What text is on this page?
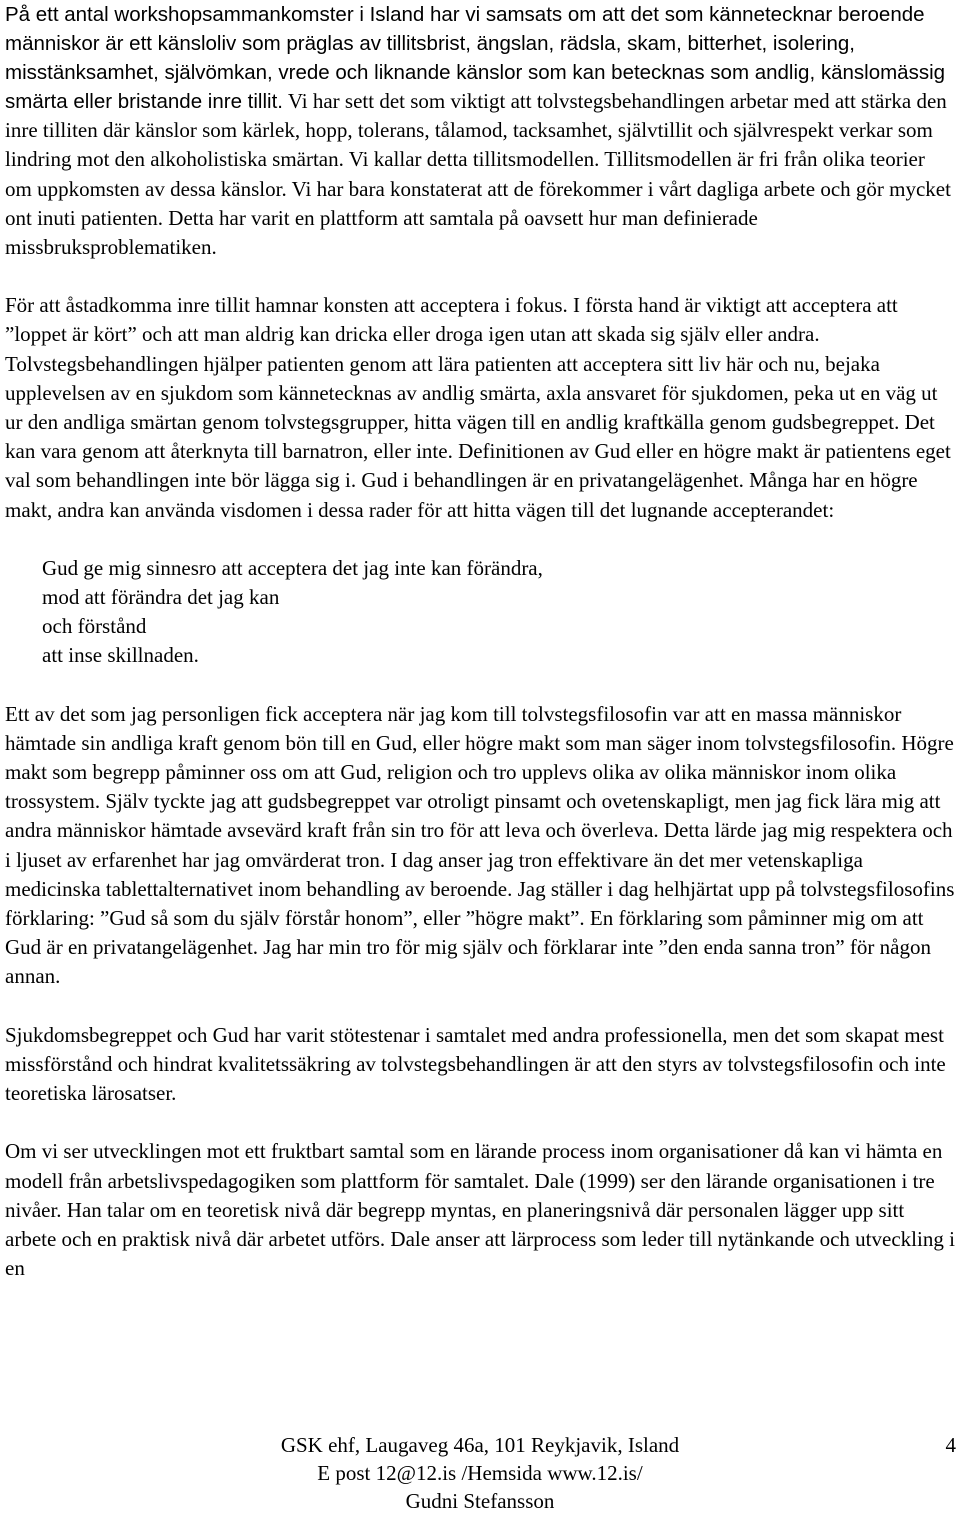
På ett antal workshopsammankomster i Island har vi samsats om att det som kännetecknar beroende människor är ett känsloliv som präglas av tillitsbrist, ängslan, rädsla, skam, bitterhet, isolering, misstänksamhet, självömkan, vrede och liknande känslor som kan betecknas som andlig, känslomässig smärta eller bristande inre tillit. Vi har sett det som viktigt att tolvstegsbehandlingen arbetar med att stärka den inre tilliten där känslor som kärlek, hopp, tolerans, tålamod, tacksamhet, självtillit och självrespekt verkar som lindring mot den alkoholistiska smärtan. Vi kallar detta tillitsmodellen. Tillitsmodellen är fri från olika teorier om uppkomsten av dessa känslor. Vi har bara konstaterat att de förekommer i vårt dagliga arbete och gör mycket ont inuti patienten. Detta har varit en plattform att samtala på oavsett hur man definierade missbruksproblematiken.

För att åstadkomma inre tillit hamnar konsten att acceptera i fokus. I första hand är viktigt att acceptera att ”loppet är kört” och att man aldrig kan dricka eller droga igen utan att skada sig själv eller andra. Tolvstegsbehandlingen hjälper patienten genom att lära patienten att acceptera sitt liv här och nu, bejaka upplevelsen av en sjukdom som kännetecknas av andlig smärta, axla ansvaret för sjukdomen, peka ut en väg ut ur den andliga smärtan genom tolvstegsgrupper, hitta vägen till en andlig kraftkälla genom gudsbegreppet. Det kan vara genom att återknyta till barnatron, eller inte. Definitionen av Gud eller en högre makt är patientens eget val som behandlingen inte bör lägga sig i. Gud i behandlingen är en privatangelägenhet. Många har en högre makt, andra kan använda visdomen i dessa rader för att hitta vägen till det lugnande accepterandet:

Gud ge mig sinnesro att acceptera det jag inte kan förändra,
mod att förändra det jag kan
och förstånd
att inse skillnaden.

Ett av det som jag personligen fick acceptera när jag kom till tolvstegsfilosofin var att en massa människor hämtade sin andliga kraft genom bön till en Gud, eller högre makt som man säger inom tolvstegsfilosofin. Högre makt som begrepp påminner oss om att Gud, religion och tro upplevs olika av olika människor inom olika trossystem. Själv tyckte jag att gudsbegreppet var otroligt pinsamt och ovetenskapligt, men jag fick lära mig att andra människor hämtade avsevärd kraft från sin tro för att leva och överleva. Detta lärde jag mig respektera och i ljuset av erfarenhet har jag omvärderat tron. I dag anser jag tron effektivare än det mer vetenskapliga medicinska tablettalternativet inom behandling av beroende. Jag ställer i dag helhjärtat upp på tolvstegsfilosofins förklaring: ”Gud så som du själv förstår honom”, eller ”högre makt”. En förklaring som påminner mig om att Gud är en privatangelägenhet. Jag har min tro för mig själv och förklarar inte ”den enda sanna tron” för någon annan.

Sjukdomsbegreppet och Gud har varit stötestenar i samtalet med andra professionella, men det som skapat mest missförstånd och hindrat kvalitetssäkring av tolvstegsbehandlingen är att den styrs av tolvstegsfilosofin och inte teoretiska lärosatser.

Om vi ser utvecklingen mot ett fruktbart samtal som en lärande process inom organisationer då kan vi hämta en modell från arbetslivspedagogiken som plattform för samtalet. Dale (1999) ser den lärande organisationen i tre nivåer. Han talar om en teoretisk nivå där begrepp myntas, en planeringsnivå där personalen lägger upp sitt arbete och en praktisk nivå där arbetet utförs. Dale anser att lärprocess som leder till nytänkande och utveckling i en

GSK ehf, Laugaveg 46a, 101 Reykjavik, Island
E post 12@12.is /Hemsida www.12.is/
Gudni Stefansson
4
